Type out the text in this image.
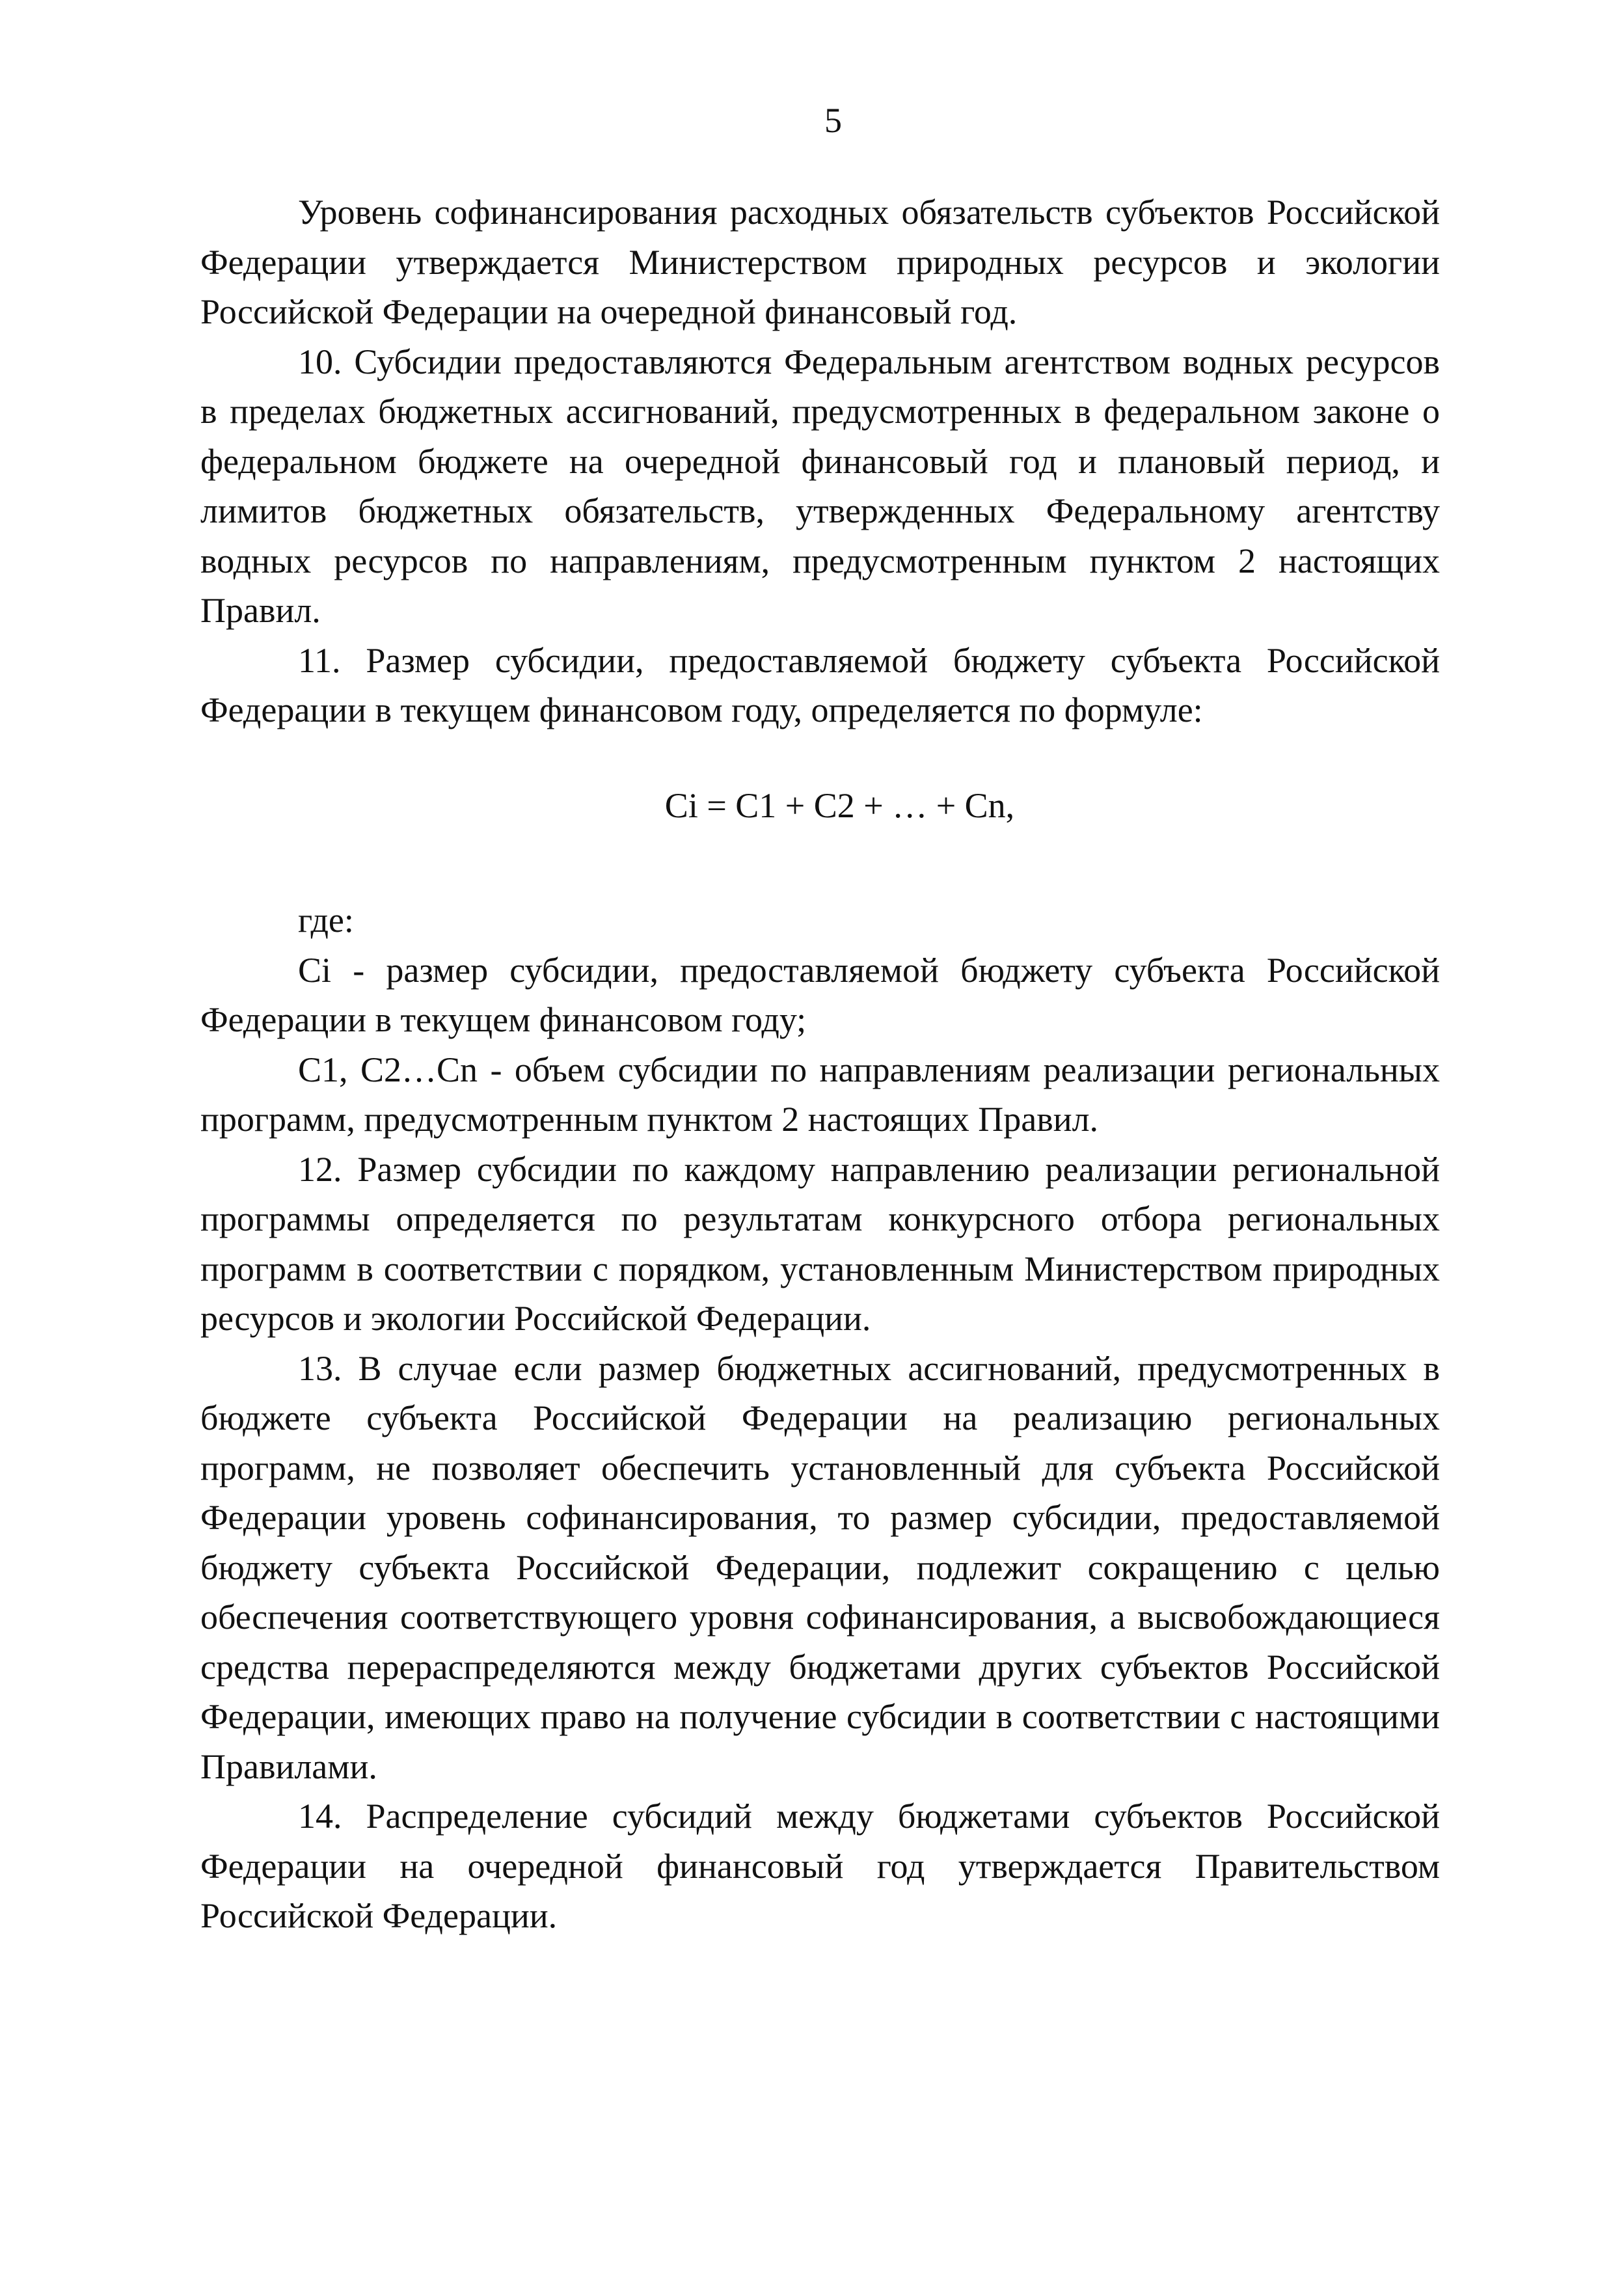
5

Уровень софинансирования расходных обязательств субъектов Российской Федерации утверждается Министерством природных ресурсов и экологии Российской Федерации на очередной финансовый год.

10. Субсидии предоставляются Федеральным агентством водных ресурсов в пределах бюджетных ассигнований, предусмотренных в федеральном законе о федеральном бюджете на очередной финансовый год и плановый период, и лимитов бюджетных обязательств, утвержденных Федеральному агентству водных ресурсов по направлениям, предусмотренным пунктом 2 настоящих Правил.

11. Размер субсидии, предоставляемой бюджету субъекта Российской Федерации в текущем финансовом году, определяется по формуле:

Ci = C1 + C2 + … + Cn,

где:

Ci - размер субсидии, предоставляемой бюджету субъекта Российской Федерации в текущем финансовом году;

C1, C2…Cn - объем субсидии по направлениям реализации региональных программ, предусмотренным пунктом 2 настоящих Правил.

12. Размер субсидии по каждому направлению реализации региональной программы определяется по результатам конкурсного отбора региональных программ в соответствии с порядком, установленным Министерством природных ресурсов и экологии Российской Федерации.

13. В случае если размер бюджетных ассигнований, предусмотренных в бюджете субъекта Российской Федерации на реализацию региональных программ, не позволяет обеспечить установленный для субъекта Российской Федерации уровень софинансирования, то размер субсидии, предоставляемой бюджету субъекта Российской Федерации, подлежит сокращению с целью обеспечения соответствующего уровня софинансирования, а высвобождающиеся средства перераспределяются между бюджетами других субъектов Российской Федерации, имеющих право на получение субсидии в соответствии с настоящими Правилами.

14. Распределение субсидий между бюджетами субъектов Российской Федерации на очередной финансовый год утверждается Правительством Российской Федерации.
